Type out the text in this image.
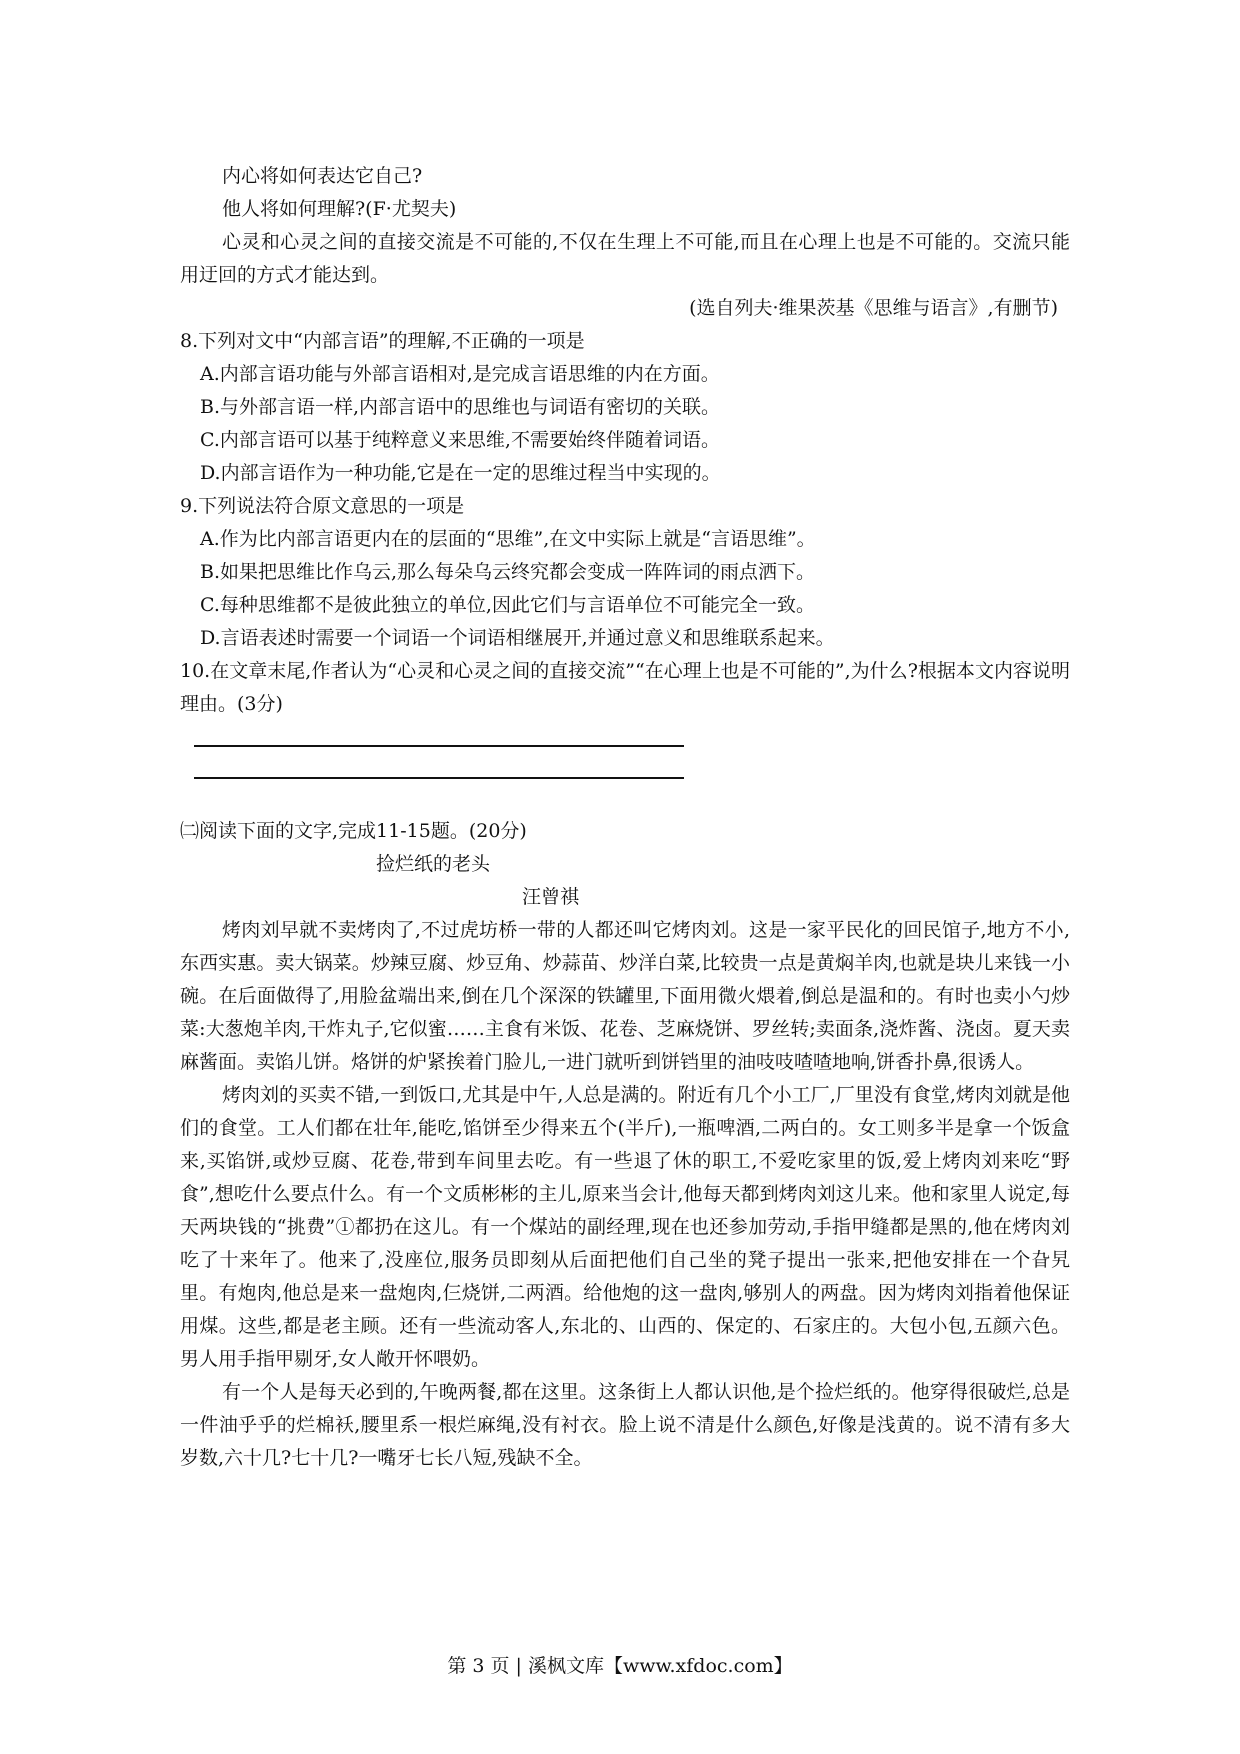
内心将如何表达它自己?
他人将如何理解?(F·尤契夫)

心灵和心灵之间的直接交流是不可能的,不仅在生理上不可能,而且在心理上也是不可能的。交流只能用迂回的方式才能达到。

(选自列夫·维果茨基《思维与语言》,有删节)
8.下列对文中“内部言语”的理解,不正确的一项是
A.内部言语功能与外部言语相对,是完成言语思维的内在方面。
B.与外部言语一样,内部言语中的思维也与词语有密切的关联。
C.内部言语可以基于纯粹意义来思维,不需要始终伴随着词语。
D.内部言语作为一种功能,它是在一定的思维过程当中实现的。
9.下列说法符合原文意思的一项是
A.作为比内部言语更内在的层面的“思维”,在文中实际上就是“言语思维”。
B.如果把思维比作乌云,那么每朵乌云终究都会变成一阵阵词的雨点洒下。
C.每种思维都不是彼此独立的单位,因此它们与言语单位不可能完全一致。
D.言语表述时需要一个词语一个词语相继展开,并通过意义和思维联系起来。

10.在文章末尾,作者认为“心灵和心灵之间的直接交流”“在心理上也是不可能的”,为什么?根据本文内容说明理由。(3分)

㈡阅读下面的文字,完成11-15题。(20分)
捡烂纸的老头
汪曾祺

烤肉刘早就不卖烤肉了,不过虎坊桥一带的人都还叫它烤肉刘。这是一家平民化的回民馆子,地方不小,东西实惠。卖大锅菜。炒辣豆腐、炒豆角、炒蒜苗、炒洋白菜,比较贵一点是黄焖羊肉,也就是块儿来钱一小碗。在后面做得了,用脸盆端出来,倒在几个深深的铁罐里,下面用微火煨着,倒总是温和的。有时也卖小勺炒菜:大葱炮羊肉,干炸丸子,它似蜜……主食有米饭、花卷、芝麻烧饼、罗丝转;卖面条,浇炸酱、浇卤。夏天卖麻酱面。卖馅儿饼。烙饼的炉紧挨着门脸儿,一进门就听到饼铛里的油吱吱喳喳地响,饼香扑鼻,很诱人。

烤肉刘的买卖不错,一到饭口,尤其是中午,人总是满的。附近有几个小工厂,厂里没有食堂,烤肉刘就是他们的食堂。工人们都在壮年,能吃,馅饼至少得来五个(半斤),一瓶啤酒,二两白的。女工则多半是拿一个饭盒来,买馅饼,或炒豆腐、花卷,带到车间里去吃。有一些退了休的职工,不爱吃家里的饭,爱上烤肉刘来吃“野食”,想吃什么要点什么。有一个文质彬彬的主儿,原来当会计,他每天都到烤肉刘这儿来。他和家里人说定,每天两块钱的“挑费”①都扔在这儿。有一个煤站的副经理,现在也还参加劳动,手指甲缝都是黑的,他在烤肉刘吃了十来年了。他来了,没座位,服务员即刻从后面把他们自己坐的凳子提出一张来,把他安排在一个旮旯里。有炮肉,他总是来一盘炮肉,仨烧饼,二两酒。给他炮的这一盘肉,够别人的两盘。因为烤肉刘指着他保证用煤。这些,都是老主顾。还有一些流动客人,东北的、山西的、保定的、石家庄的。大包小包,五颜六色。男人用手指甲剔牙,女人敞开怀喂奶。

有一个人是每天必到的,午晚两餐,都在这里。这条街上人都认识他,是个捡烂纸的。他穿得很破烂,总是一件油乎乎的烂棉袄,腰里系一根烂麻绳,没有衬衣。脸上说不清是什么颜色,好像是浅黄的。说不清有多大岁数,六十几?七十几?一嘴牙七长八短,残缺不全。

第 3 页 | 溪枫文库【www.xfdoc.com】
